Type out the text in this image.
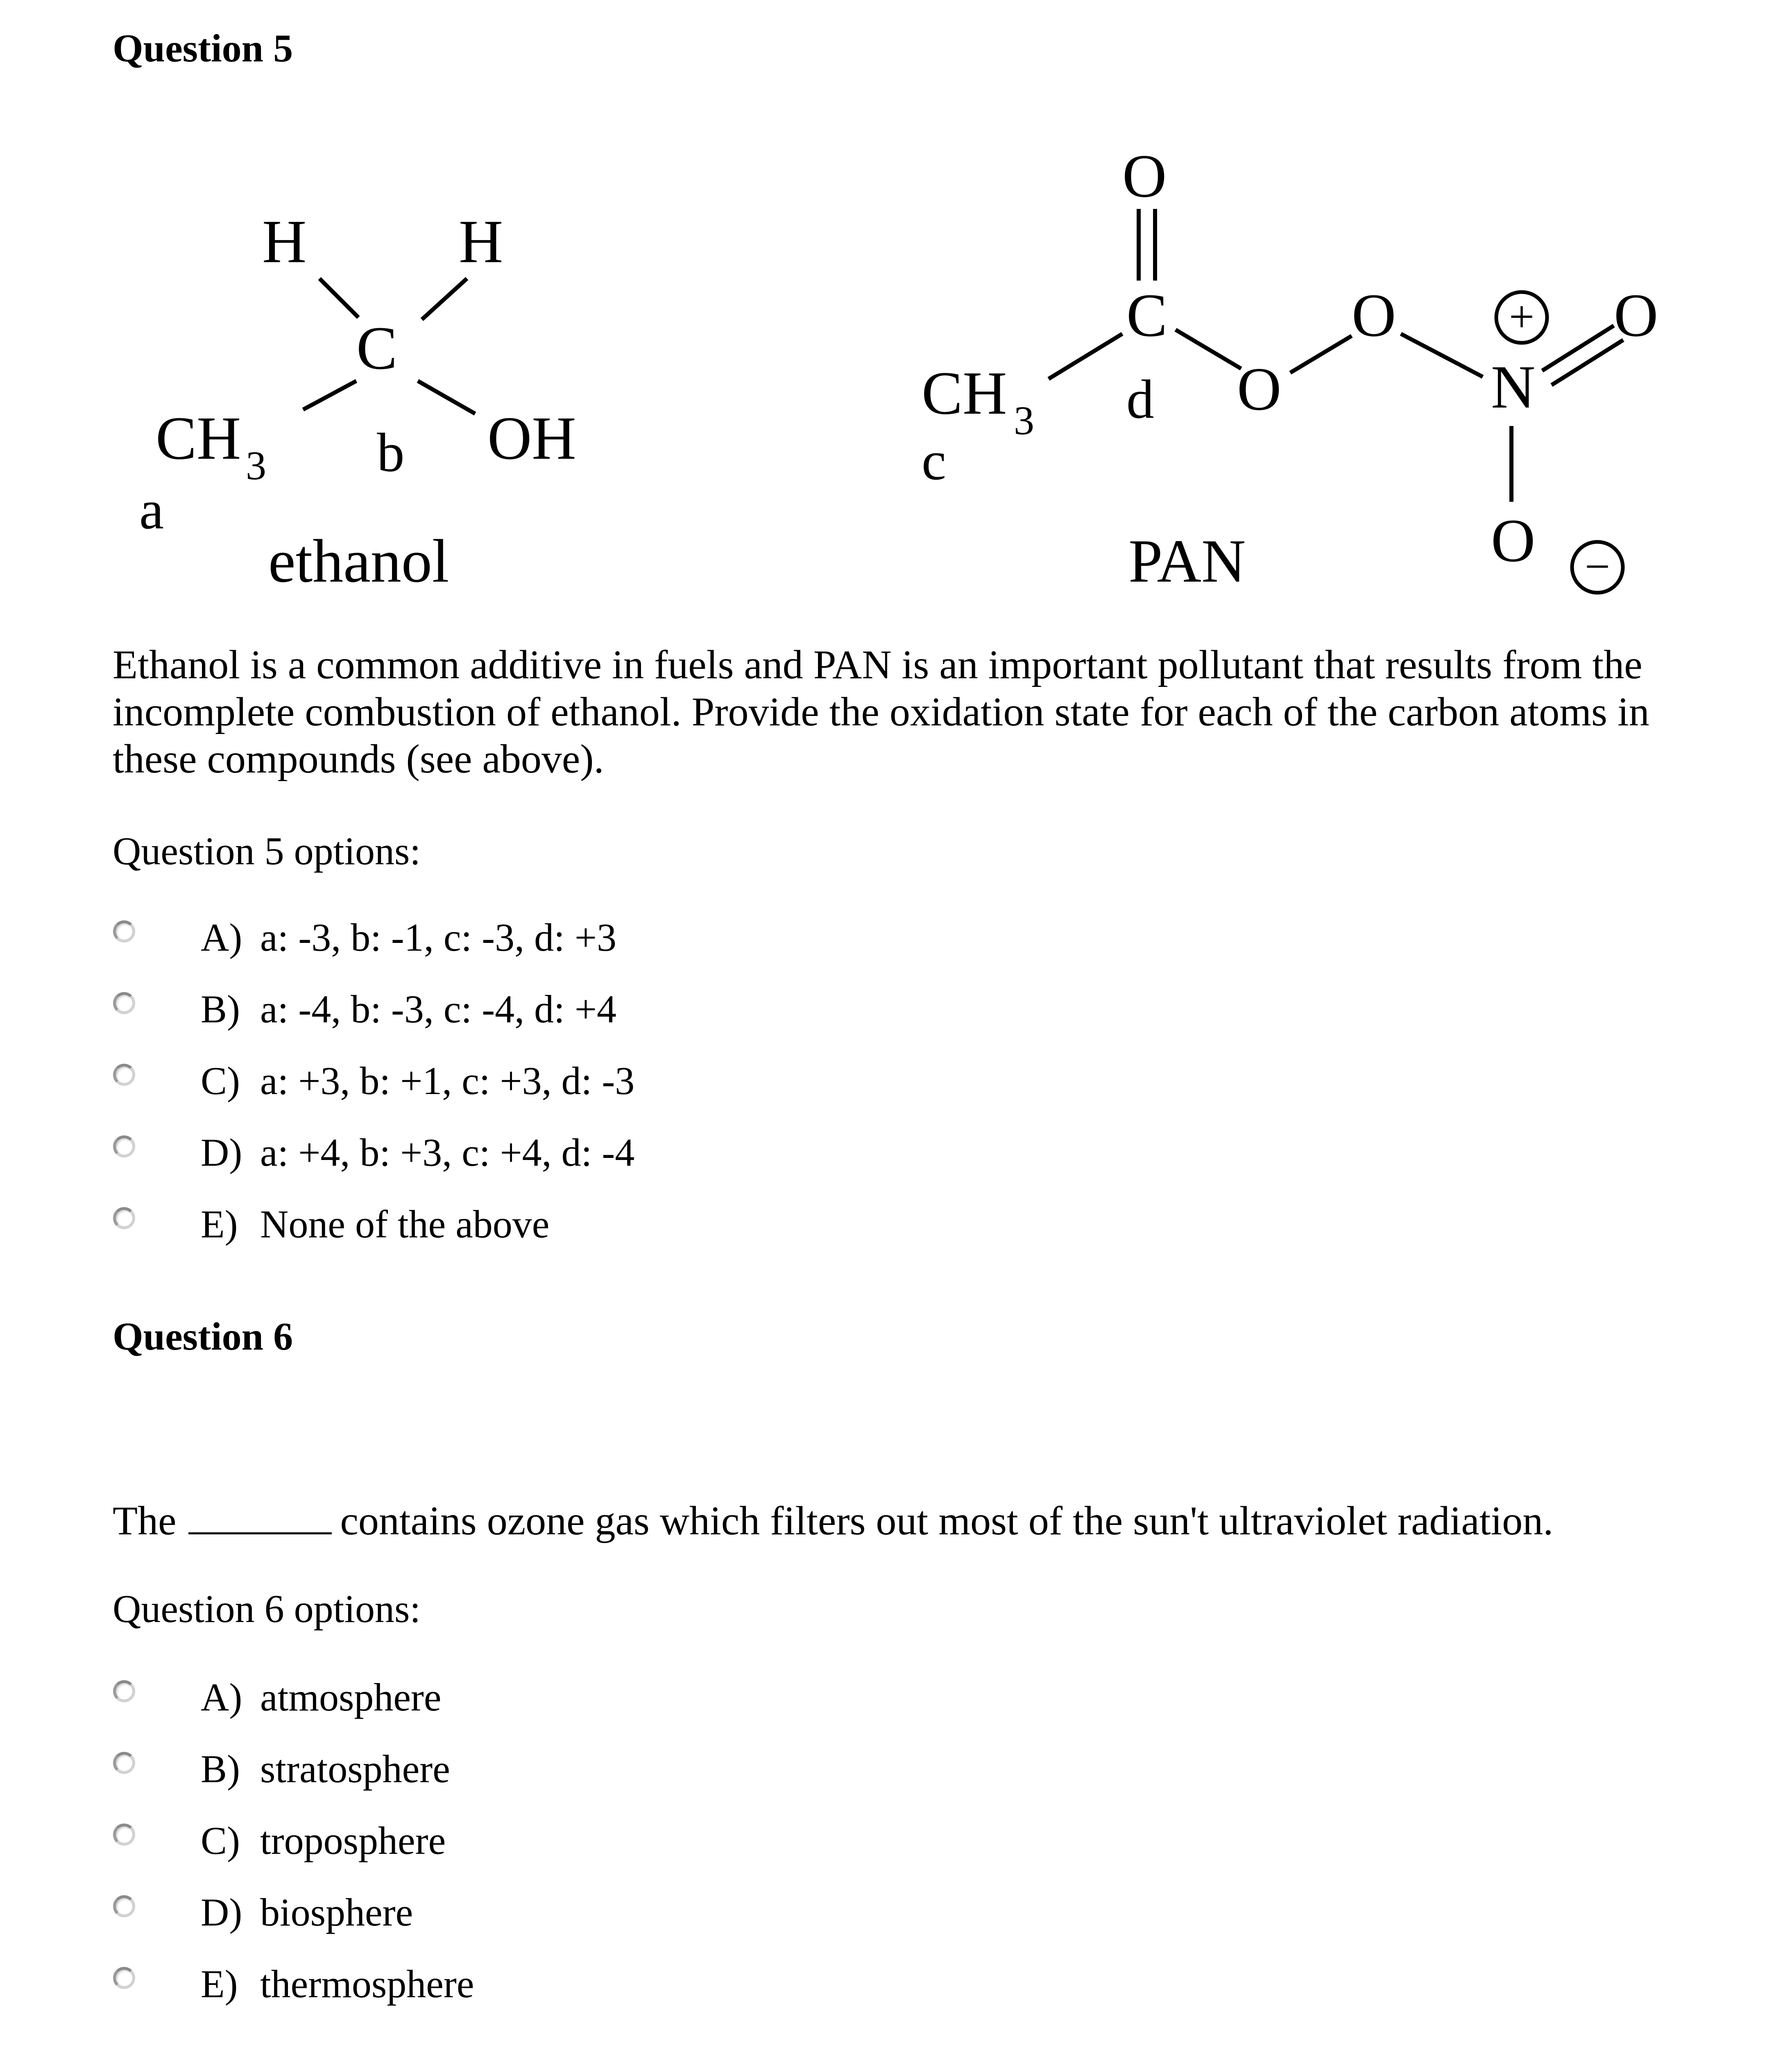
Question 5
H H
C
CH 3	OH
b
a
ethanol
O
C
CH 3
c
d O
O
N
O
O
PAN
+
−
Ethanol is a common additive in fuels and PAN is an important pollutant that results from the incomplete combustion of ethanol. Provide the oxidation state for each of the carbon atoms in these compounds (see above).
Question 5 options:
A) a: -3, b: -1, c: -3, d: +3
B) a: -4, b: -3, c: -4, d: +4
C) a: +3, b: +1, c: +3, d: -3
D) a: +4, b: +3, c: +4, d: -4
E) None of the above
Question 6
The	contains ozone gas which filters out most of the sun't ultraviolet radiation.
Question 6 options:
A) atmosphere
B) stratosphere
C) troposphere
D) biosphere
E) thermosphere
